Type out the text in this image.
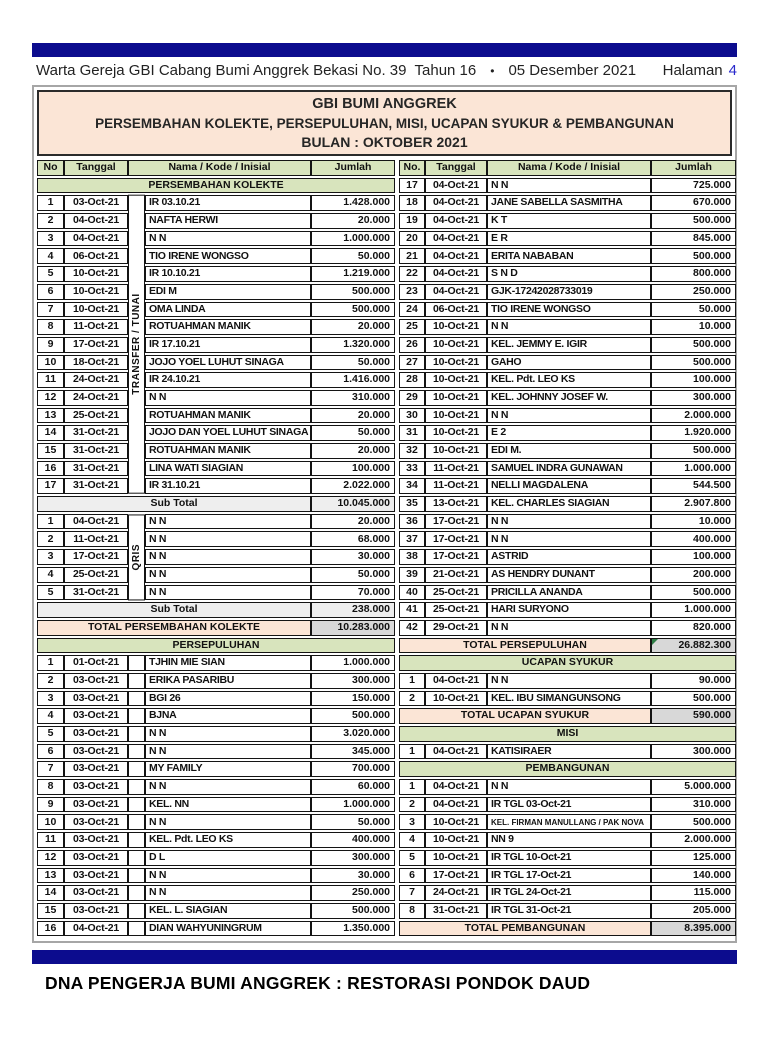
Warta Gereja GBI Cabang Bumi Anggrek Bekasi No. 39  Tahun 16 • 05 Desember 2021 Halaman 4
GBI BUMI ANGGREK
PERSEMBAHAN KOLEKTE, PERSEPULUHAN, MISI, UCAPAN SYUKUR & PEMBANGUNAN
BULAN : OKTOBER 2021
No	Tanggal	Nama / Kode / Inisial		Jumlah
PERSEMBAHAN KOLEKTE				
1	03-Oct-21	TRANSFER / TUNAI	IR 03.10.21	1.428.000
2	04-Oct-21		NAFTA HERWI	20.000
3	04-Oct-21		N N	1.000.000
4	06-Oct-21		TIO IRENE WONGSO	50.000
5	10-Oct-21		IR 10.10.21	1.219.000
6	10-Oct-21		EDI M	500.000
7	10-Oct-21		OMA LINDA	500.000
8	11-Oct-21		ROTUAHMAN MANIK	20.000
9	17-Oct-21		IR 17.10.21	1.320.000
10	18-Oct-21		JOJO YOEL LUHUT SINAGA	50.000
11	24-Oct-21		IR 24.10.21	1.416.000
12	24-Oct-21		N N	310.000
13	25-Oct-21		ROTUAHMAN MANIK	20.000
14	31-Oct-21		JOJO DAN YOEL LUHUT SINAGA	50.000
15	31-Oct-21		ROTUAHMAN MANIK	20.000
16	31-Oct-21		LINA WATI SIAGIAN	100.000
17	31-Oct-21		IR 31.10.21	2.022.000
Sub Total				10.045.000
1	04-Oct-21	QRIS	N N	20.000
2	11-Oct-21		N N	68.000
3	17-Oct-21		N N	30.000
4	25-Oct-21		N N	50.000
5	31-Oct-21		N N	70.000
Sub Total				238.000
TOTAL PERSEMBAHAN KOLEKTE				10.283.000
PERSEPULUHAN				
1	01-Oct-21		TJHIN MIE SIAN	1.000.000
2	03-Oct-21		ERIKA PASARIBU	300.000
3	03-Oct-21		BGI 26	150.000
4	03-Oct-21		BJNA	500.000
5	03-Oct-21		N N	3.020.000
6	03-Oct-21		N N	345.000
7	03-Oct-21		MY FAMILY	700.000
8	03-Oct-21		N N	60.000
9	03-Oct-21		KEL. NN	1.000.000
10	03-Oct-21		N N	50.000
11	03-Oct-21		KEL. Pdt. LEO KS	400.000
12	03-Oct-21		D L	300.000
13	03-Oct-21		N N	30.000
14	03-Oct-21		N N	250.000
15	03-Oct-21		KEL. L. SIAGIAN	500.000
16	04-Oct-21		DIAN WAHYUNINGRUM	1.350.000
No.	Tanggal	Nama / Kode / Inisial	Jumlah
17	04-Oct-21	N N	725.000
18	04-Oct-21	JANE SABELLA SASMITHA	670.000
19	04-Oct-21	K T	500.000
20	04-Oct-21	E R	845.000
21	04-Oct-21	ERITA NABABAN	500.000
22	04-Oct-21	S N D	800.000
23	04-Oct-21	GJK-17242028733019	250.000
24	06-Oct-21	TIO IRENE WONGSO	50.000
25	10-Oct-21	N N	10.000
26	10-Oct-21	KEL. JEMMY E. IGIR	500.000
27	10-Oct-21	GAHO	500.000
28	10-Oct-21	KEL. Pdt. LEO KS	100.000
29	10-Oct-21	KEL. JOHNNY JOSEF W.	300.000
30	10-Oct-21	N N	2.000.000
31	10-Oct-21	E 2	1.920.000
32	10-Oct-21	EDI M.	500.000
33	11-Oct-21	SAMUEL INDRA GUNAWAN	1.000.000
34	11-Oct-21	NELLI MAGDALENA	544.500
35	13-Oct-21	KEL. CHARLES SIAGIAN	2.907.800
36	17-Oct-21	N N	10.000
37	17-Oct-21	N N	400.000
38	17-Oct-21	ASTRID	100.000
39	21-Oct-21	AS HENDRY DUNANT	200.000
40	25-Oct-21	PRICILLA ANANDA	500.000
41	25-Oct-21	HARI SURYONO	1.000.000
42	29-Oct-21	N N	820.000
TOTAL PERSEPULUHAN			26.882.300
UCAPAN SYUKUR			
1	04-Oct-21	N N	90.000
2	10-Oct-21	KEL. IBU SIMANGUNSONG	500.000
TOTAL UCAPAN SYUKUR			590.000
MISI			
1	04-Oct-21	KATISIRAER	300.000
PEMBANGUNAN			
1	04-Oct-21	N N	5.000.000
2	04-Oct-21	IR TGL 03-Oct-21	310.000
3	10-Oct-21	KEL. FIRMAN MANULLANG / PAK NOVA	500.000
4	10-Oct-21	NN 9	2.000.000
5	10-Oct-21	IR TGL 10-Oct-21	125.000
6	17-Oct-21	IR TGL 17-Oct-21	140.000
7	24-Oct-21	IR TGL 24-Oct-21	115.000
8	31-Oct-21	IR TGL 31-Oct-21	205.000
TOTAL PEMBANGUNAN			8.395.000
DNA PENGERJA BUMI ANGGREK : RESTORASI PONDOK DAUD
